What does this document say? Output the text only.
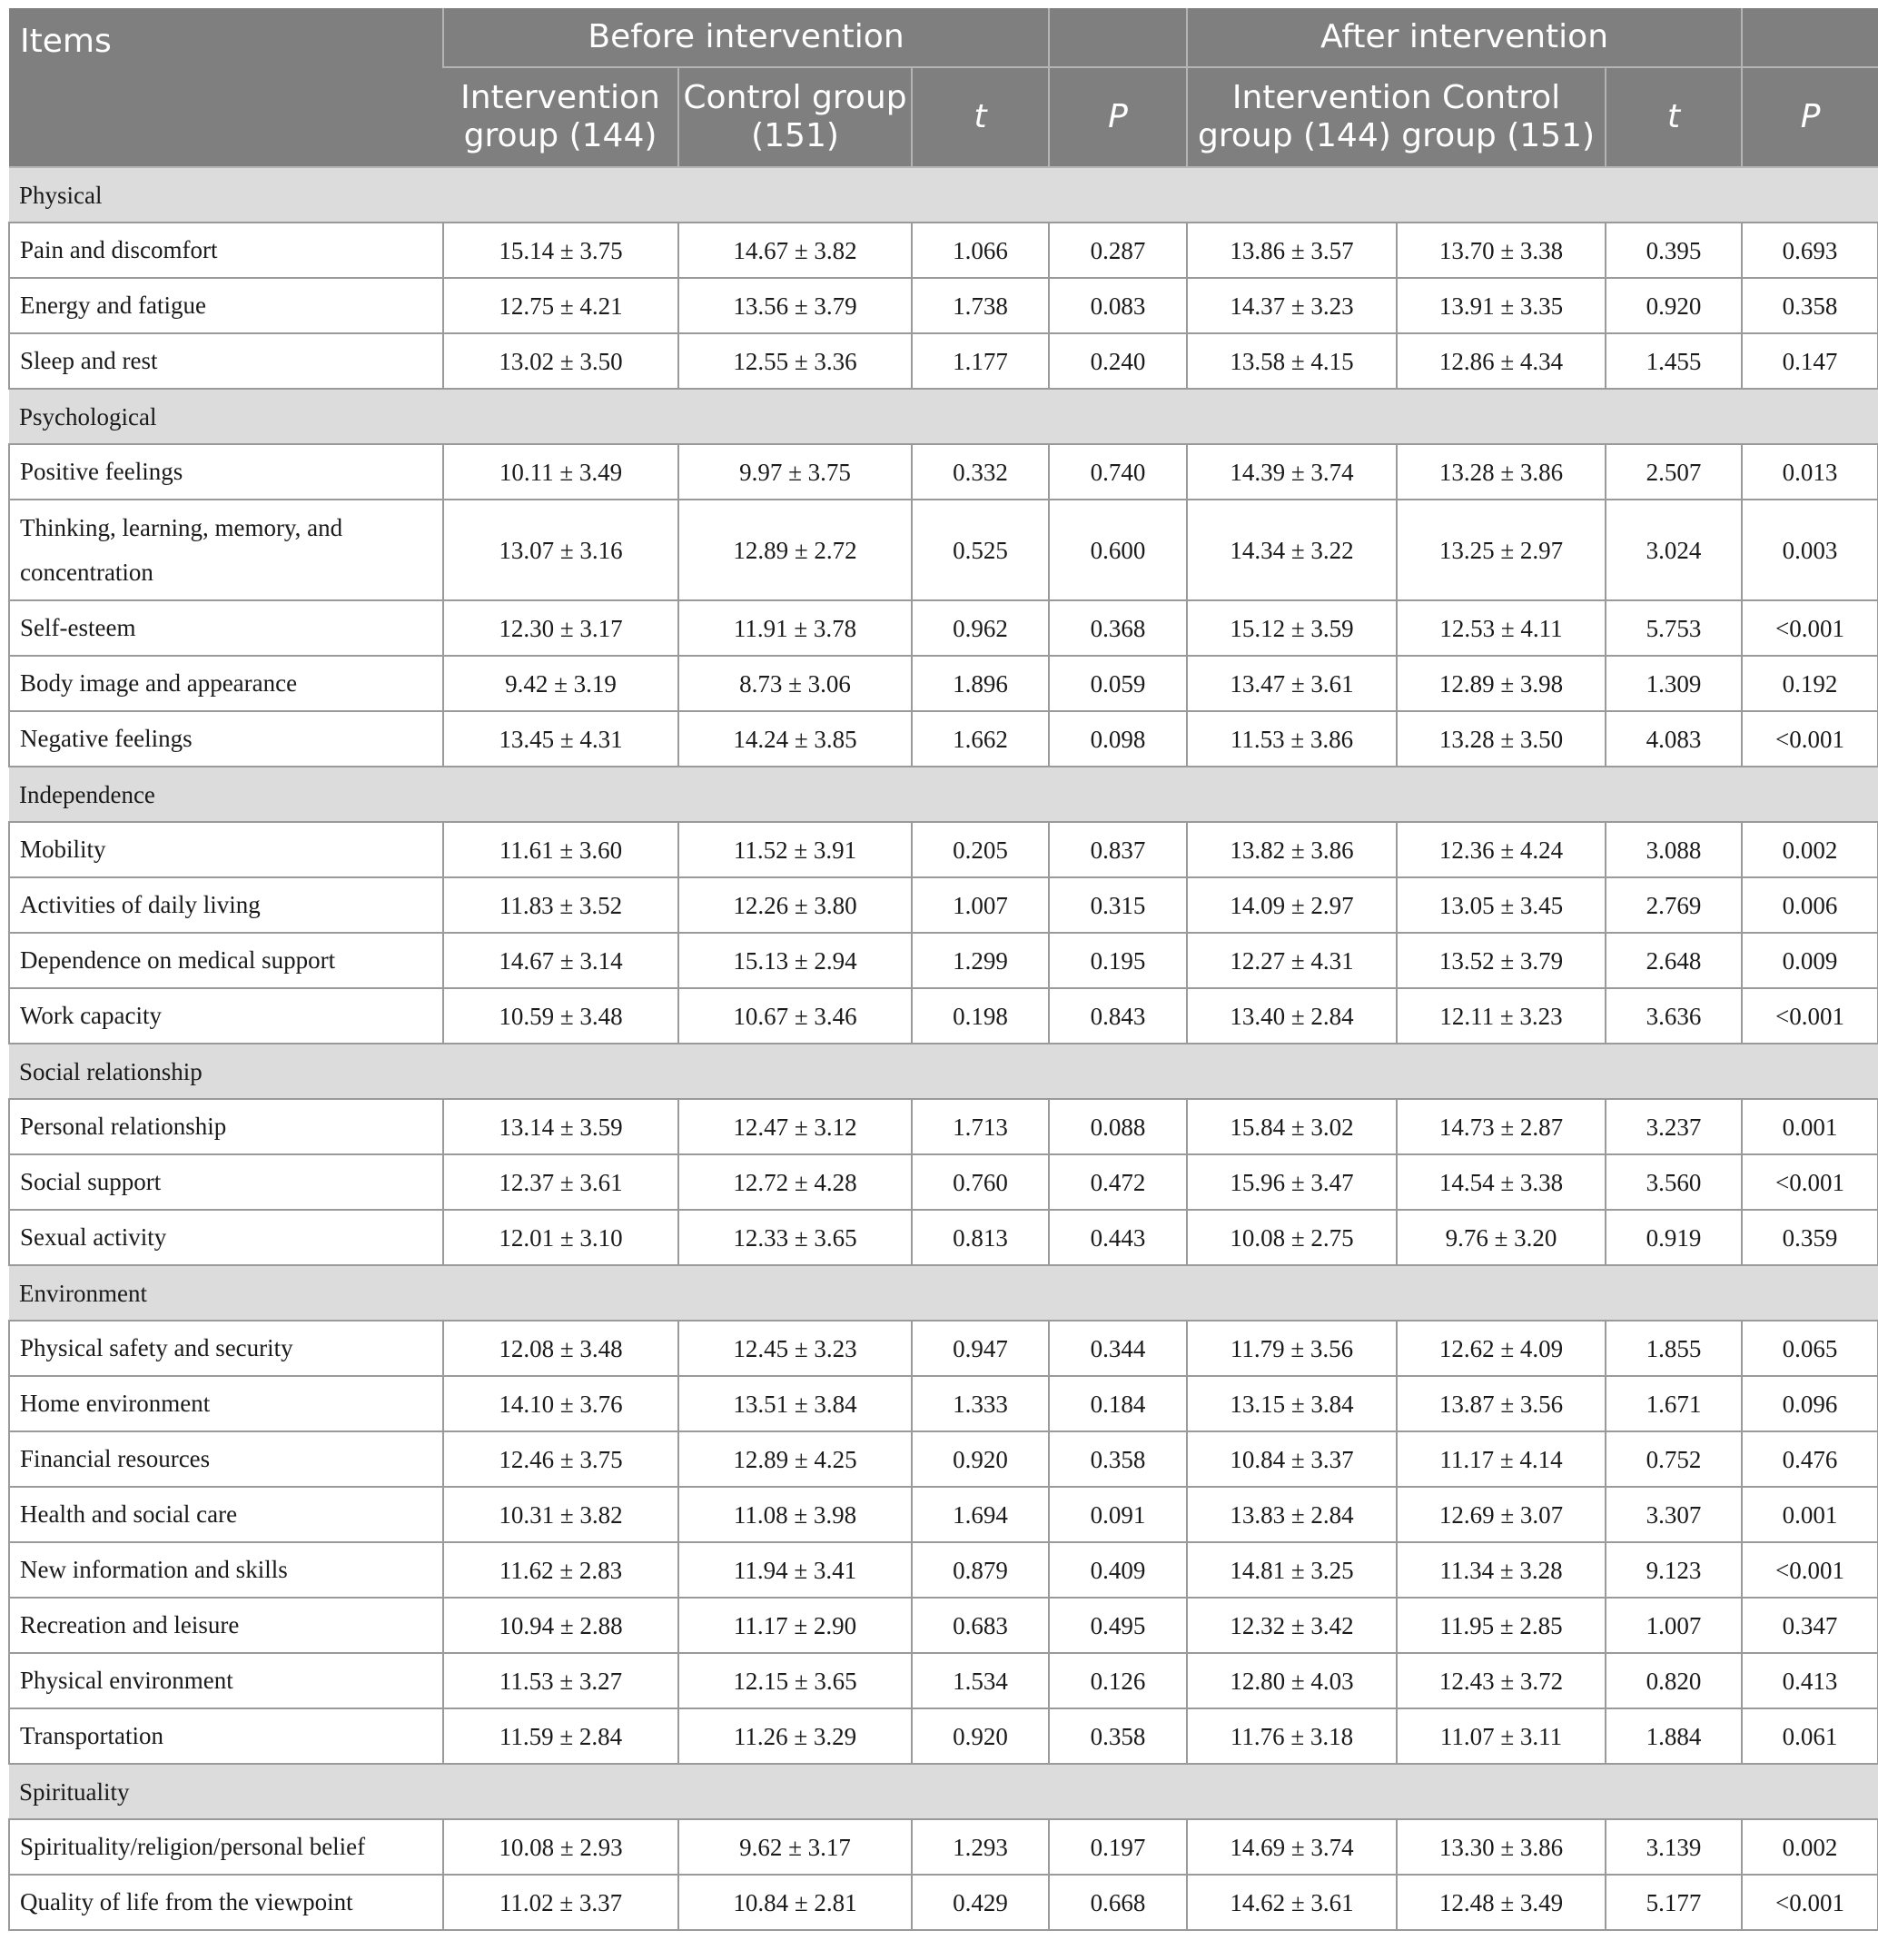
Items	Before intervention				After intervention			
	Intervention group (144)	Control group (151)	t	P	Intervention Control group (144) group (151)		t	P
Physical								
Pain and discomfort	15.14 ± 3.75	14.67 ± 3.82	1.066	0.287	13.86 ± 3.57	13.70 ± 3.38	0.395	0.693
Energy and fatigue	12.75 ± 4.21	13.56 ± 3.79	1.738	0.083	14.37 ± 3.23	13.91 ± 3.35	0.920	0.358
Sleep and rest	13.02 ± 3.50	12.55 ± 3.36	1.177	0.240	13.58 ± 4.15	12.86 ± 4.34	1.455	0.147
Psychological								
Positive feelings	10.11 ± 3.49	9.97 ± 3.75	0.332	0.740	14.39 ± 3.74	13.28 ± 3.86	2.507	0.013
Thinking, learning, memory, and concentration	13.07 ± 3.16	12.89 ± 2.72	0.525	0.600	14.34 ± 3.22	13.25 ± 2.97	3.024	0.003
Self-esteem	12.30 ± 3.17	11.91 ± 3.78	0.962	0.368	15.12 ± 3.59	12.53 ± 4.11	5.753	<0.001
Body image and appearance	9.42 ± 3.19	8.73 ± 3.06	1.896	0.059	13.47 ± 3.61	12.89 ± 3.98	1.309	0.192
Negative feelings	13.45 ± 4.31	14.24 ± 3.85	1.662	0.098	11.53 ± 3.86	13.28 ± 3.50	4.083	<0.001
Independence								
Mobility	11.61 ± 3.60	11.52 ± 3.91	0.205	0.837	13.82 ± 3.86	12.36 ± 4.24	3.088	0.002
Activities of daily living	11.83 ± 3.52	12.26 ± 3.80	1.007	0.315	14.09 ± 2.97	13.05 ± 3.45	2.769	0.006
Dependence on medical support	14.67 ± 3.14	15.13 ± 2.94	1.299	0.195	12.27 ± 4.31	13.52 ± 3.79	2.648	0.009
Work capacity	10.59 ± 3.48	10.67 ± 3.46	0.198	0.843	13.40 ± 2.84	12.11 ± 3.23	3.636	<0.001
Social relationship								
Personal relationship	13.14 ± 3.59	12.47 ± 3.12	1.713	0.088	15.84 ± 3.02	14.73 ± 2.87	3.237	0.001
Social support	12.37 ± 3.61	12.72 ± 4.28	0.760	0.472	15.96 ± 3.47	14.54 ± 3.38	3.560	<0.001
Sexual activity	12.01 ± 3.10	12.33 ± 3.65	0.813	0.443	10.08 ± 2.75	9.76 ± 3.20	0.919	0.359
Environment								
Physical safety and security	12.08 ± 3.48	12.45 ± 3.23	0.947	0.344	11.79 ± 3.56	12.62 ± 4.09	1.855	0.065
Home environment	14.10 ± 3.76	13.51 ± 3.84	1.333	0.184	13.15 ± 3.84	13.87 ± 3.56	1.671	0.096
Financial resources	12.46 ± 3.75	12.89 ± 4.25	0.920	0.358	10.84 ± 3.37	11.17 ± 4.14	0.752	0.476
Health and social care	10.31 ± 3.82	11.08 ± 3.98	1.694	0.091	13.83 ± 2.84	12.69 ± 3.07	3.307	0.001
New information and skills	11.62 ± 2.83	11.94 ± 3.41	0.879	0.409	14.81 ± 3.25	11.34 ± 3.28	9.123	<0.001
Recreation and leisure	10.94 ± 2.88	11.17 ± 2.90	0.683	0.495	12.32 ± 3.42	11.95 ± 2.85	1.007	0.347
Physical environment	11.53 ± 3.27	12.15 ± 3.65	1.534	0.126	12.80 ± 4.03	12.43 ± 3.72	0.820	0.413
Transportation	11.59 ± 2.84	11.26 ± 3.29	0.920	0.358	11.76 ± 3.18	11.07 ± 3.11	1.884	0.061
Spirituality								
Spirituality/religion/personal belief	10.08 ± 2.93	9.62 ± 3.17	1.293	0.197	14.69 ± 3.74	13.30 ± 3.86	3.139	0.002
Quality of life from the viewpoint	11.02 ± 3.37	10.84 ± 2.81	0.429	0.668	14.62 ± 3.61	12.48 ± 3.49	5.177	<0.001
